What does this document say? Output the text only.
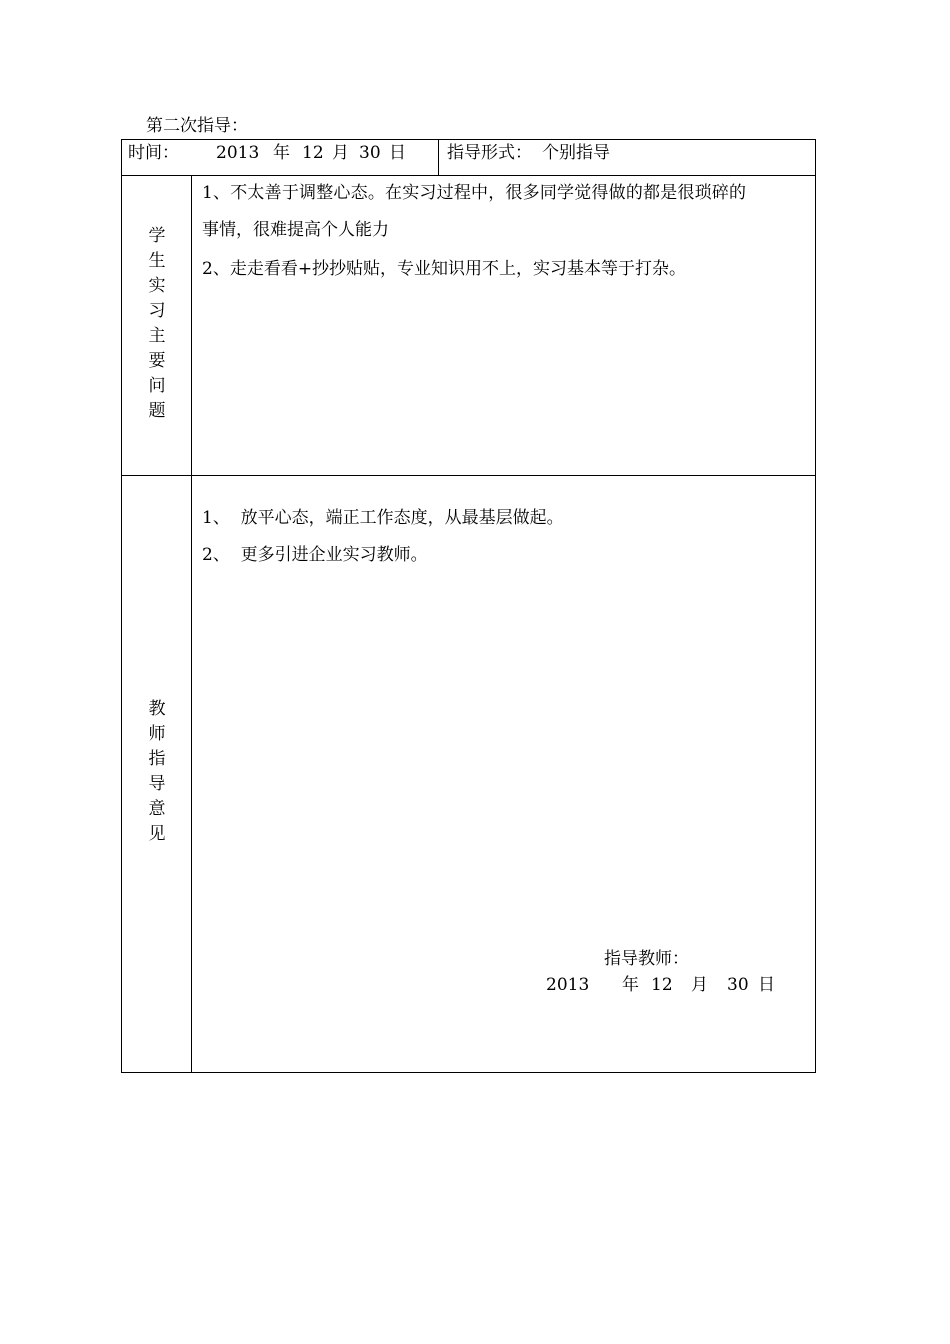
第二次指导：
时间： 2013 年 12 月 30 日 指导形式： 个别指导
学
生
实
习
主
要
问
题
1、不太善于调整心态。在实习过程中，很多同学觉得做的都是很琐碎的
事情，很难提高个人能力
2、走走看看+抄抄贴贴，专业知识用不上，实习基本等于打杂。
教
师
指
导
意
见
1、  放平心态，端正工作态度，从最基层做起。
2、  更多引进企业实习教师。
指导教师：
2013 年 12 月 30 日
